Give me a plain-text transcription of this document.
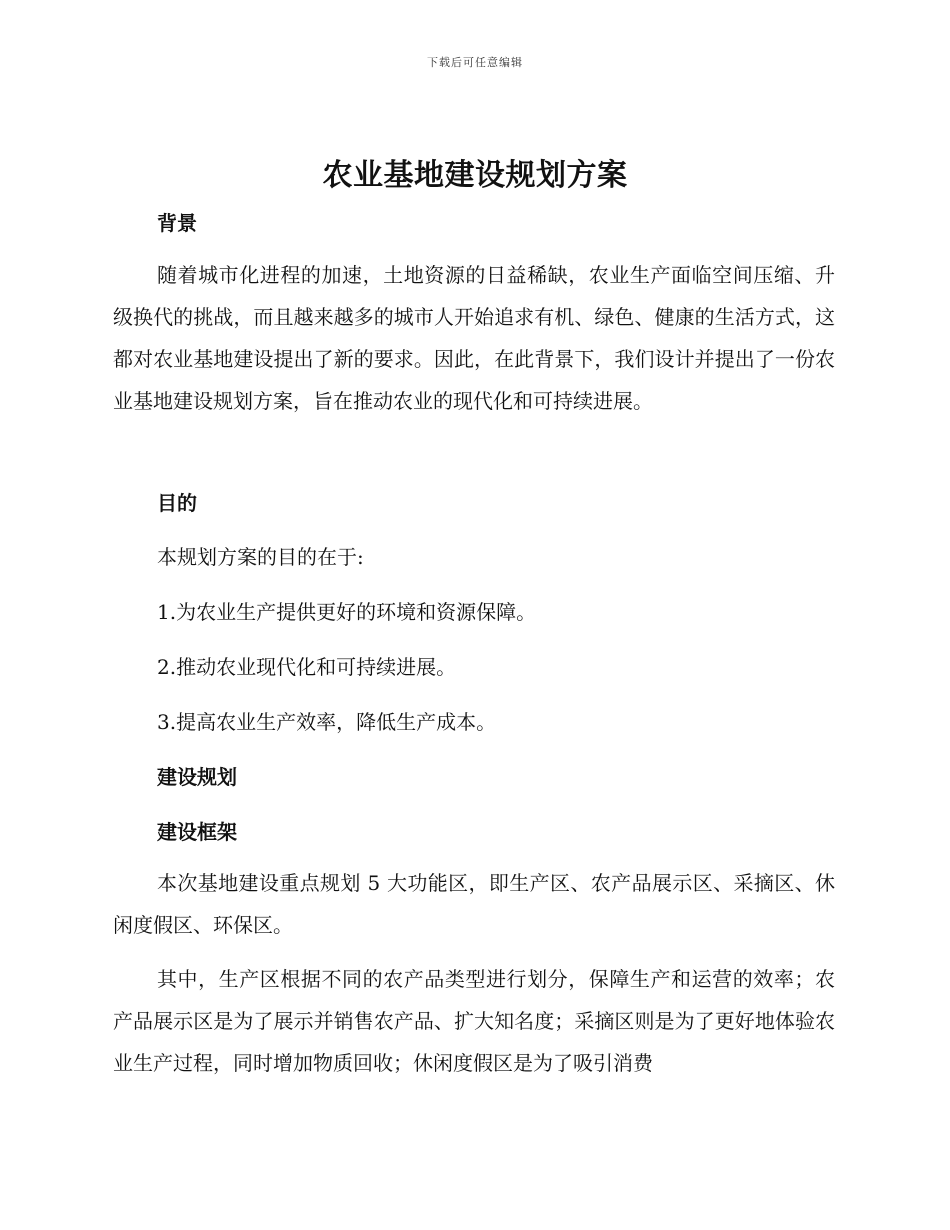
下载后可任意编辑
农业基地建设规划方案
背景

随着城市化进程的加速，土地资源的日益稀缺，农业生产面临空间压缩、升级换代的挑战，而且越来越多的城市人开始追求有机、绿色、健康的生活方式，这都对农业基地建设提出了新的要求。因此，在此背景下，我们设计并提出了一份农业基地建设规划方案，旨在推动农业的现代化和可持续进展。

目的

本规划方案的目的在于:

1.为农业生产提供更好的环境和资源保障。

2.推动农业现代化和可持续进展。

3.提高农业生产效率，降低生产成本。

建设规划
建设框架

本次基地建设重点规划 5 大功能区，即生产区、农产品展示区、采摘区、休闲度假区、环保区。

其中，生产区根据不同的农产品类型进行划分，保障生产和运营的效率；农产品展示区是为了展示并销售农产品、扩大知名度；采摘区则是为了更好地体验农业生产过程，同时增加物质回收；休闲度假区是为了吸引消费
